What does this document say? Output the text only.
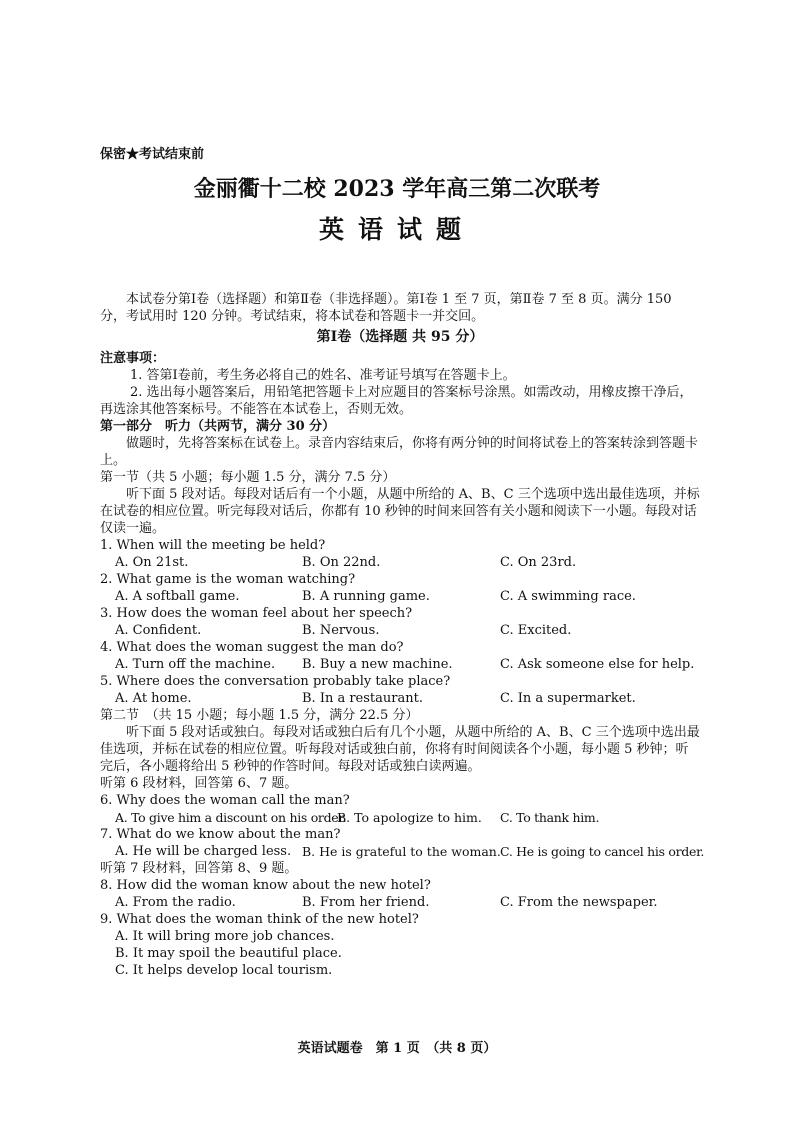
保密★考试结束前
金丽衢十二校 2023 学年高三第二次联考
英语试题

本试卷分第Ⅰ卷（选择题）和第Ⅱ卷（非选择题）。第Ⅰ卷 1 至 7 页，第Ⅱ卷 7 至 8 页。满分 150 分，考试用时 120 分钟。考试结束，将本试卷和答题卡一并交回。

第Ⅰ卷（选择题 共 95 分）

注意事项：

1. 答第Ⅰ卷前，考生务必将自己的姓名、准考证号填写在答题卡上。

2. 选出每小题答案后，用铅笔把答题卡上对应题目的答案标号涂黑。如需改动，用橡皮擦干净后，再选涂其他答案标号。不能答在本试卷上，否则无效。

第一部分　听力（共两节，满分 30 分）

做题时，先将答案标在试卷上。录音内容结束后，你将有两分钟的时间将试卷上的答案转涂到答题卡上。

第一节（共 5 小题；每小题 1.5 分，满分 7.5 分）

听下面 5 段对话。每段对话后有一个小题，从题中所给的 A、B、C 三个选项中选出最佳选项，并标在试卷的相应位置。听完每段对话后，你都有 10 秒钟的时间来回答有关小题和阅读下一小题。每段对话仅读一遍。

1. When will the meeting be held?

A. On 21st.	B. On 22nd.	C. On 23rd.

2. What game is the woman watching?

A. A softball game.	B. A running game.	C. A swimming race.

3. How does the woman feel about her speech?

A. Confident.	B. Nervous.	C. Excited.

4. What does the woman suggest the man do?

A. Turn off the machine.	B. Buy a new machine.	C. Ask someone else for help.

5. Where does the conversation probably take place?

A. At home.	B. In a restaurant.	C. In a supermarket.

第二节　（共 15 小题；每小题 1.5 分，满分 22.5 分）

听下面 5 段对话或独白。每段对话或独白后有几个小题，从题中所给的 A、B、C 三个选项中选出最佳选项，并标在试卷的相应位置。听每段对话或独白前，你将有时间阅读各个小题，每小题 5 秒钟；听完后，各小题将给出 5 秒钟的作答时间。每段对话或独白读两遍。

听第 6 段材料，回答第 6、7 题。

6. Why does the woman call the man?

A. To give him a discount on his order.
B. To apologize to him.	C. To thank him.

7. What do we know about the man?

A. He will be charged less. B. He is grateful to the woman. C. He is going to cancel his order.

听第 7 段材料，回答第 8、9 题。

8. How did the woman know about the new hotel?

A. From the radio.	B. From her friend.	C. From the newspaper.

9. What does the woman think of the new hotel?

A. It will bring more job chances.

B. It may spoil the beautiful place.

C. It helps develop local tourism.

英语试题卷　第 1 页　（共 8 页）
